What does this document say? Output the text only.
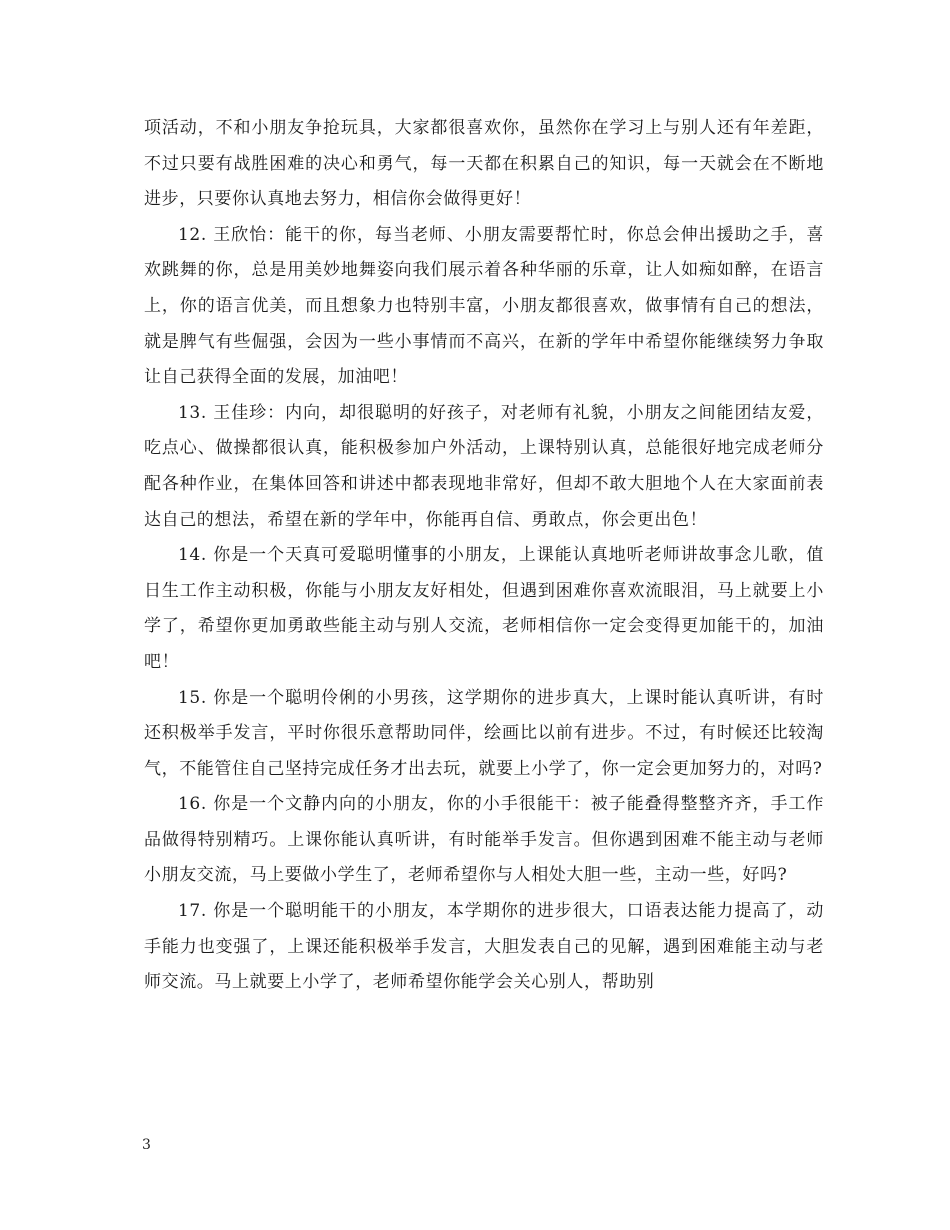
项活动，不和小朋友争抢玩具，大家都很喜欢你，虽然你在学习上与别人还有年差距，不过只要有战胜困难的决心和勇气，每一天都在积累自己的知识，每一天就会在不断地进步，只要你认真地去努力，相信你会做得更好！

12. 王欣怡：能干的你，每当老师、小朋友需要帮忙时，你总会伸出援助之手，喜欢跳舞的你，总是用美妙地舞姿向我们展示着各种华丽的乐章，让人如痴如醉，在语言上，你的语言优美，而且想象力也特别丰富，小朋友都很喜欢，做事情有自己的想法，就是脾气有些倔强，会因为一些小事情而不高兴，在新的学年中希望你能继续努力争取让自己获得全面的发展，加油吧！

13. 王佳珍：内向，却很聪明的好孩子，对老师有礼貌，小朋友之间能团结友爱，吃点心、做操都很认真，能积极参加户外活动，上课特别认真，总能很好地完成老师分配各种作业，在集体回答和讲述中都表现地非常好，但却不敢大胆地个人在大家面前表达自己的想法，希望在新的学年中，你能再自信、勇敢点，你会更出色！

14. 你是一个天真可爱聪明懂事的小朋友，上课能认真地听老师讲故事念儿歌，值日生工作主动积极，你能与小朋友友好相处，但遇到困难你喜欢流眼泪，马上就要上小学了，希望你更加勇敢些能主动与别人交流，老师相信你一定会变得更加能干的，加油吧！

15. 你是一个聪明伶俐的小男孩，这学期你的进步真大，上课时能认真听讲，有时还积极举手发言，平时你很乐意帮助同伴，绘画比以前有进步。不过，有时候还比较淘气，不能管住自己坚持完成任务才出去玩，就要上小学了，你一定会更加努力的，对吗?

16. 你是一个文静内向的小朋友，你的小手很能干：被子能叠得整整齐齐，手工作品做得特别精巧。上课你能认真听讲，有时能举手发言。但你遇到困难不能主动与老师小朋友交流，马上要做小学生了，老师希望你与人相处大胆一些，主动一些，好吗?

17. 你是一个聪明能干的小朋友，本学期你的进步很大，口语表达能力提高了，动手能力也变强了，上课还能积极举手发言，大胆发表自己的见解，遇到困难能主动与老师交流。马上就要上小学了，老师希望你能学会关心别人，帮助别

3
